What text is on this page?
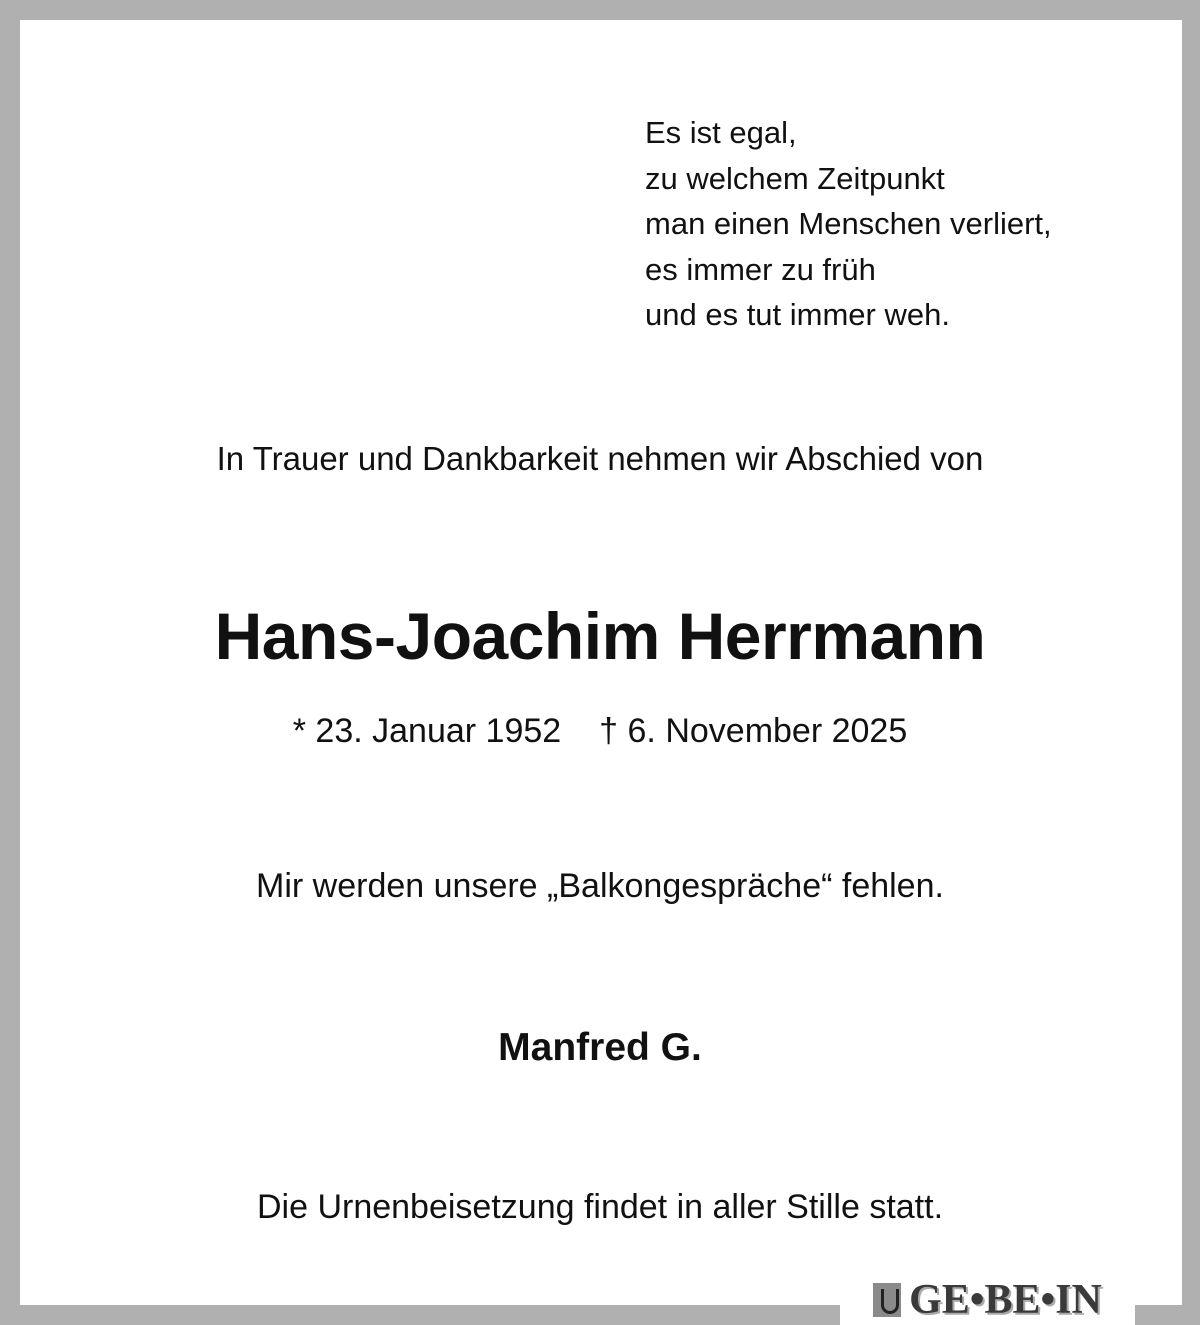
Es ist egal,
zu welchem Zeitpunkt
man einen Menschen verliert,
es immer zu früh
und es tut immer weh.
In Trauer und Dankbarkeit nehmen wir Abschied von
Hans-Joachim Herrmann
* 23. Januar 1952 † 6. November 2025
Mir werden unsere „Balkongespräche“ fehlen.
Manfred G.
Die Urnenbeisetzung findet in aller Stille statt.
GE•BE•IN
